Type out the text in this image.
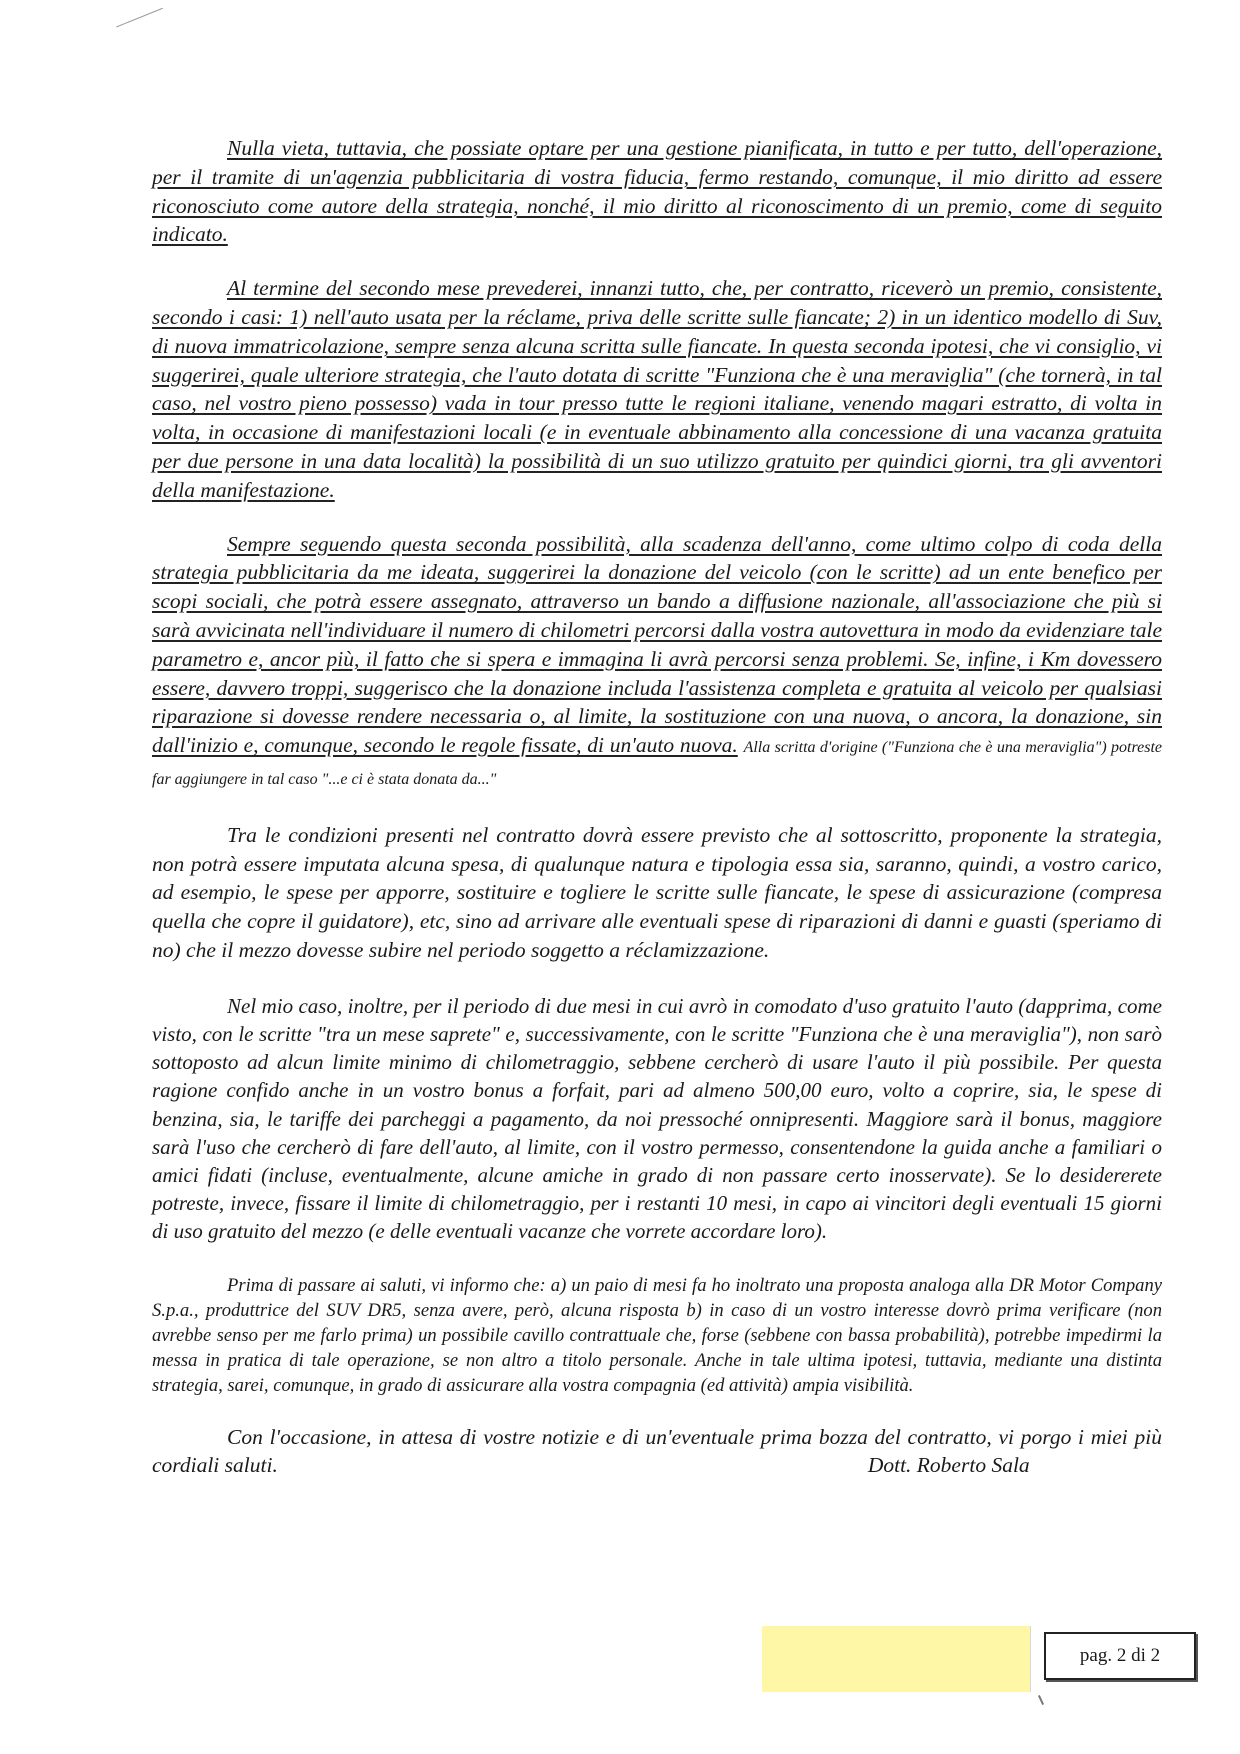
Nulla vieta, tuttavia, che possiate optare per una gestione pianificata, in tutto e per tutto, dell'operazione, per il tramite di un'agenzia pubblicitaria di vostra fiducia, fermo restando, comunque, il mio diritto ad essere riconosciuto come autore della strategia, nonché, il mio diritto al riconoscimento di un premio, come di seguito indicato.

Al termine del secondo mese prevederei, innanzi tutto, che, per contratto, riceverò un premio, consistente, secondo i casi: 1) nell'auto usata per la réclame, priva delle scritte sulle fiancate; 2) in un identico modello di Suv, di nuova immatricolazione, sempre senza alcuna scritta sulle fiancate. In questa seconda ipotesi, che vi consiglio, vi suggerirei, quale ulteriore strategia, che l'auto dotata di scritte "Funziona che è una meraviglia" (che tornerà, in tal caso, nel vostro pieno possesso) vada in tour presso tutte le regioni italiane, venendo magari estratto, di volta in volta, in occasione di manifestazioni locali (e in eventuale abbinamento alla concessione di una vacanza gratuita per due persone in una data località) la possibilità di un suo utilizzo gratuito per quindici giorni, tra gli avventori della manifestazione.

Sempre seguendo questa seconda possibilità, alla scadenza dell'anno, come ultimo colpo di coda della strategia pubblicitaria da me ideata, suggerirei la donazione del veicolo (con le scritte) ad un ente benefico per scopi sociali, che potrà essere assegnato, attraverso un bando a diffusione nazionale, all'associazione che più si sarà avvicinata nell'individuare il numero di chilometri percorsi dalla vostra autovettura in modo da evidenziare tale parametro e, ancor più, il fatto che si spera e immagina li avrà percorsi senza problemi. Se, infine, i Km dovessero essere, davvero troppi, suggerisco che la donazione includa l'assistenza completa e gratuita al veicolo per qualsiasi riparazione si dovesse rendere necessaria o, al limite, la sostituzione con una nuova, o ancora, la donazione, sin dall'inizio e, comunque, secondo le regole fissate, di un'auto nuova. Alla scritta d'origine ("Funziona che è una meraviglia") potreste far aggiungere in tal caso "...e ci è stata donata da..."

Tra le condizioni presenti nel contratto dovrà essere previsto che al sottoscritto, proponente la strategia, non potrà essere imputata alcuna spesa, di qualunque natura e tipologia essa sia, saranno, quindi, a vostro carico, ad esempio, le spese per apporre, sostituire e togliere le scritte sulle fiancate, le spese di assicurazione (compresa quella che copre il guidatore), etc, sino ad arrivare alle eventuali spese di riparazioni di danni e guasti (speriamo di no) che il mezzo dovesse subire nel periodo soggetto a réclamizzazione.

Nel mio caso, inoltre, per il periodo di due mesi in cui avrò in comodato d'uso gratuito l'auto (dapprima, come visto, con le scritte "tra un mese saprete" e, successivamente, con le scritte "Funziona che è una meraviglia"), non sarò sottoposto ad alcun limite minimo di chilometraggio, sebbene cercherò di usare l'auto il più possibile. Per questa ragione confido anche in un vostro bonus a forfait, pari ad almeno 500,00 euro, volto a coprire, sia, le spese di benzina, sia, le tariffe dei parcheggi a pagamento, da noi pressoché onnipresenti. Maggiore sarà il bonus, maggiore sarà l'uso che cercherò di fare dell'auto, al limite, con il vostro permesso, consentendone la guida anche a familiari o amici fidati (incluse, eventualmente, alcune amiche in grado di non passare certo inosservate). Se lo desidererete potreste, invece, fissare il limite di chilometraggio, per i restanti 10 mesi, in capo ai vincitori degli eventuali 15 giorni di uso gratuito del mezzo (e delle eventuali vacanze che vorrete accordare loro).

Prima di passare ai saluti, vi informo che: a) un paio di mesi fa ho inoltrato una proposta analoga alla DR Motor Company S.p.a., produttrice del SUV DR5, senza avere, però, alcuna risposta b) in caso di un vostro interesse dovrò prima verificare (non avrebbe senso per me farlo prima) un possibile cavillo contrattuale che, forse (sebbene con bassa probabilità), potrebbe impedirmi la messa in pratica di tale operazione, se non altro a titolo personale. Anche in tale ultima ipotesi, tuttavia, mediante una distinta strategia, sarei, comunque, in grado di assicurare alla vostra compagnia (ed attività) ampia visibilità.

Con l'occasione, in attesa di vostre notizie e di un'eventuale prima bozza del contratto, vi porgo i miei più cordiali saluti.	Dott. Roberto Sala

pag. 2 di 2
